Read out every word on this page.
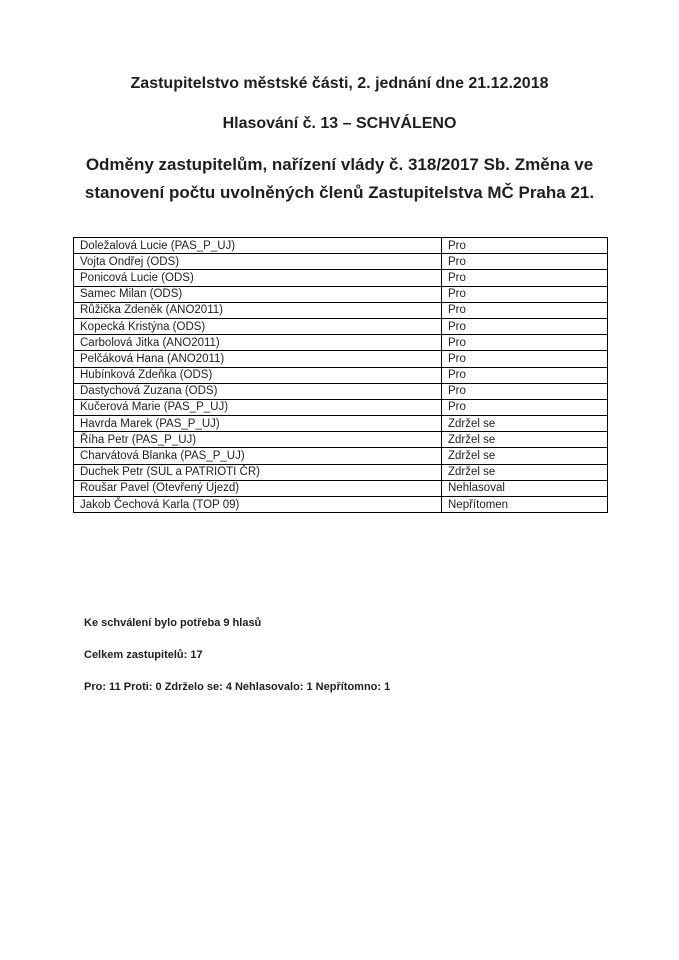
Zastupitelstvo městské části, 2. jednání dne 21.12.2018
Hlasování č. 13 – SCHVÁLENO
Odměny zastupitelům, nařízení vlády č. 318/2017 Sb. Změna ve stanovení počtu uvolněných členů Zastupitelstva MČ Praha 21.
Doležalová Lucie (PAS_P_UJ)	Pro
Vojta Ondřej (ODS)	Pro
Ponicová Lucie (ODS)	Pro
Samec Milan (ODS)	Pro
Růžička Zdeněk (ANO2011)	Pro
Kopecká Kristýna (ODS)	Pro
Carbolová Jitka (ANO2011)	Pro
Pelčáková Hana (ANO2011)	Pro
Hubínková Zdeňka (ODS)	Pro
Dastychová Zuzana (ODS)	Pro
Kučerová Marie (PAS_P_UJ)	Pro
Havrda Marek (PAS_P_UJ)	Zdržel se
Říha Petr (PAS_P_UJ)	Zdržel se
Charvátová Blanka (PAS_P_UJ)	Zdržel se
Duchek Petr (SÚL a PATRIOTI ČR)	Zdržel se
Roušar Pavel (Otevřený Újezd)	Nehlasoval
Jakob Čechová Karla (TOP 09)	Nepřítomen
Ke schválení bylo potřeba 9 hlasů
Celkem zastupitelů: 17
Pro: 11 Proti: 0 Zdrželo se: 4 Nehlasovalo: 1 Nepřítomno: 1
